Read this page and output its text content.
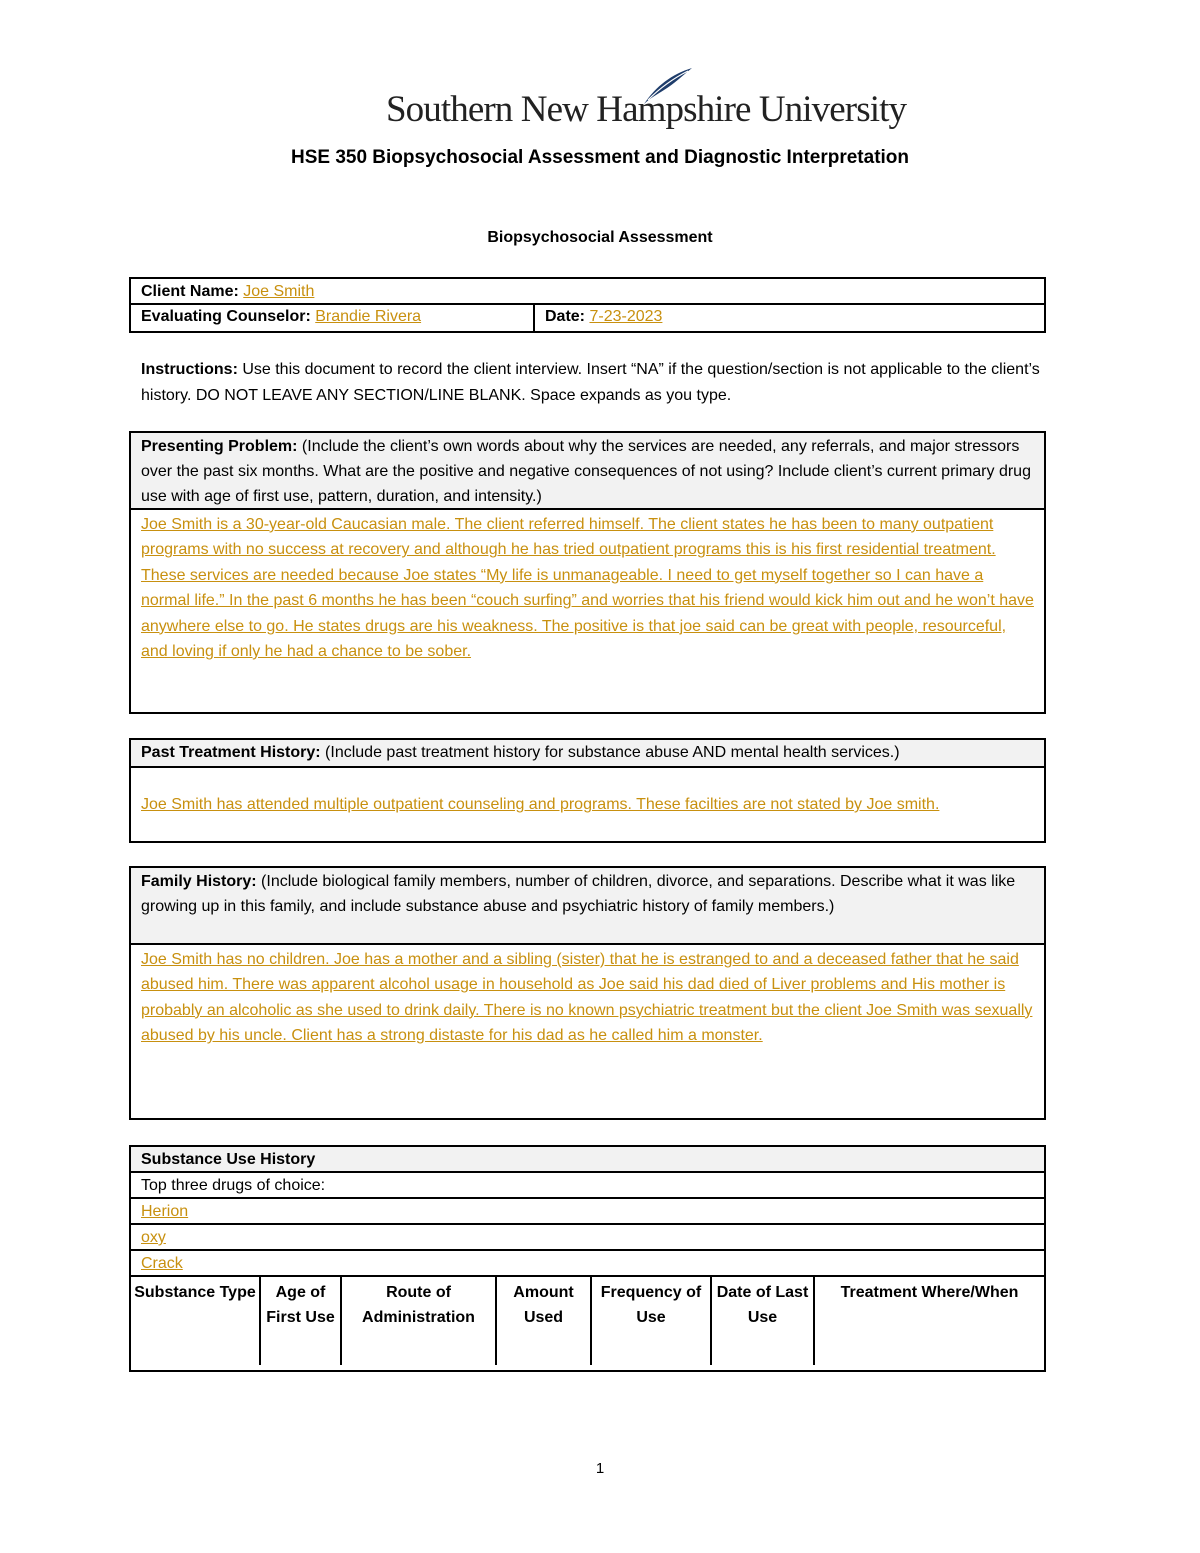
Southern New Hampshire University
HSE 350 Biopsychosocial Assessment and Diagnostic Interpretation
Biopsychosocial Assessment
Client Name: Joe Smith
Evaluating Counselor: Brandie Rivera	Date: 7-23-2023
Instructions: Use this document to record the client interview. Insert “NA” if the question/section is not applicable to the client’s history. DO NOT LEAVE ANY SECTION/LINE BLANK. Space expands as you type.
Presenting Problem: (Include the client’s own words about why the services are needed, any referrals, and major stressors over the past six months. What are the positive and negative consequences of not using? Include client’s current primary drug use with age of first use, pattern, duration, and intensity.)
Joe Smith is a 30-year-old Caucasian male. The client referred himself. The client states he has been to many outpatient programs with no success at recovery and although he has tried outpatient programs this is his first residential treatment. These services are needed because Joe states “My life is unmanageable. I need to get myself together so I can have a normal life.” In the past 6 months he has been “couch surfing” and worries that his friend would kick him out and he won’t have anywhere else to go. He states drugs are his weakness. The positive is that joe said can be great with people, resourceful, and loving if only he had a chance to be sober.
Past Treatment History: (Include past treatment history for substance abuse AND mental health services.)
Joe Smith has attended multiple outpatient counseling and programs. These facilties are not stated by Joe smith.
Family History: (Include biological family members, number of children, divorce, and separations. Describe what it was like growing up in this family, and include substance abuse and psychiatric history of family members.)
Joe Smith has no children. Joe has a mother and a sibling (sister) that he is estranged to and a deceased father that he said abused him. There was apparent alcohol usage in household as Joe said his dad died of Liver problems and His mother is probably an alcoholic as she used to drink daily. There is no known psychiatric treatment but the client Joe Smith was sexually abused by his uncle. Client has a strong distaste for his dad as he called him a monster.
Substance Use History
Top three drugs of choice:
Herion
oxy
Crack
Substance Type	Age of First Use	Route of Administration	Amount Used	Frequency of Use	Date of Last Use	Treatment Where/When
1
